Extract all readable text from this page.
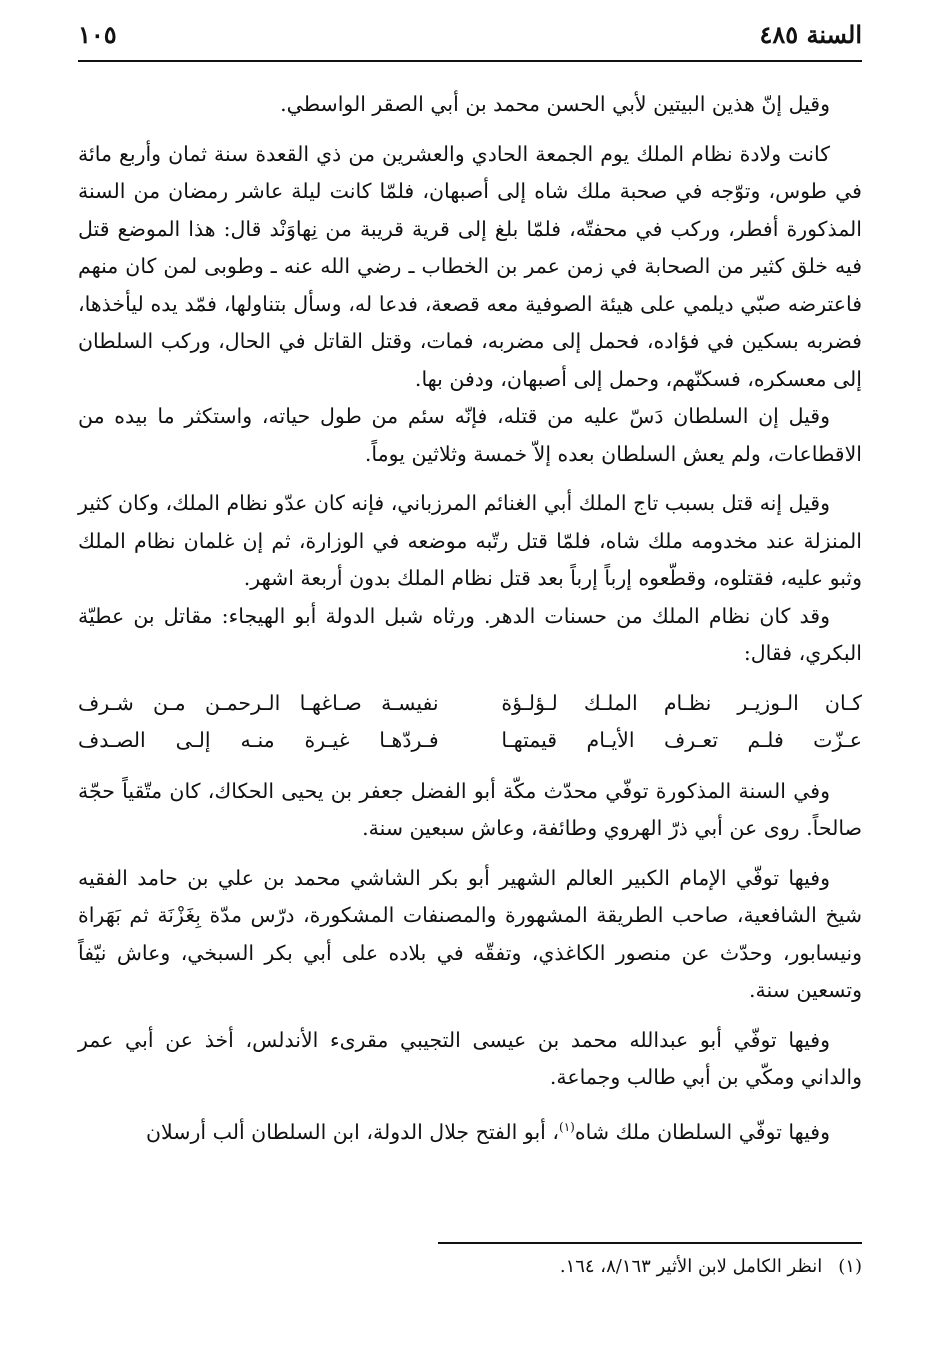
السنة ٤٨٥
١٠٥

وقيل إنّ هذين البيتين لأبي الحسن محمد بن أبي الصقر الواسطي.

كانت ولادة نظام الملك يوم الجمعة الحادي والعشرين من ذي القعدة سنة ثمان وأربع مائة في طوس، وتوّجه في صحبة ملك شاه إلى أصبهان، فلمّا كانت ليلة عاشر رمضان من السنة المذكورة أفطر، وركب في محفتّه، فلمّا بلغ إلى قرية قريبة من نِهاوَنْد قال: هذا الموضع قتل فيه خلق كثير من الصحابة في زمن عمر بن الخطاب ـ رضي الله عنه ـ وطوبى لمن كان منهم فاعترضه صبّي ديلمي على هيئة الصوفية معه قصعة، فدعا له، وسأل بتناولها، فمّد يده ليأخذها، فضربه بسكين في فؤاده، فحمل إلى مضربه، فمات، وقتل القاتل في الحال، وركب السلطان إلى معسكره، فسكنّهم، وحمل إلى أصبهان، ودفن بها.

وقيل إن السلطان دَسّ عليه من قتله، فإنّه سئم من طول حياته، واستكثر ما بيده من الاقطاعات، ولم يعش السلطان بعده إلاّ خمسة وثلاثين يوماً.

وقيل إنه قتل بسبب تاج الملك أبي الغنائم المرزباني، فإنه كان عدّو نظام الملك، وكان كثير المنزلة عند مخدومه ملك شاه، فلمّا قتل رتّبه موضعه في الوزارة، ثم إن غلمان نظام الملك وثبو عليه، فقتلوه، وقطّعوه إرباً إرباً بعد قتل نظام الملك بدون أربعة اشهر.

وقد كان نظام الملك من حسنات الدهر. ورثاه شبل الدولة أبو الهيجاء: مقاتل بن عطيّة البكري، فقال:

كـان الـوزيـر نظـام الملـك لـؤلـؤة
نفيسـة صـاغهـا الـرحمـن مـن شـرف
عـزّت فلـم تعـرف الأيـام قيمتهـا
فـردّهـا غيـرة منـه إلـى الصـدف

وفي السنة المذكورة توفّي محدّث مكّة أبو الفضل جعفر بن يحيى الحكاك، كان متّقياً حجّة صالحاً. روى عن أبي ذرّ الهروي وطائفة، وعاش سبعين سنة.

وفيها توفّي الإمام الكبير العالم الشهير أبو بكر الشاشي محمد بن علي بن حامد الفقيه شيخ الشافعية، صاحب الطريقة المشهورة والمصنفات المشكورة، درّس مدّة بِغَزْنَة ثم بَهَراة ونيسابور، وحدّث عن منصور الكاغذي، وتفقّه في بلاده على أبي بكر السبخي، وعاش نيّفاً وتسعين سنة.

وفيها توفّي أبو عبدالله محمد بن عيسى التجيبي مقرىء الأندلس، أخذ عن أبي عمر والداني ومكّي بن أبي طالب وجماعة.

وفيها توفّي السلطان ملك شاه$^{(١)}$، أبو الفتح جلال الدولة، ابن السلطان ألب أرسلان

(١)انظر الكامل لابن الأثير ٨/١٦٣، ١٦٤.
